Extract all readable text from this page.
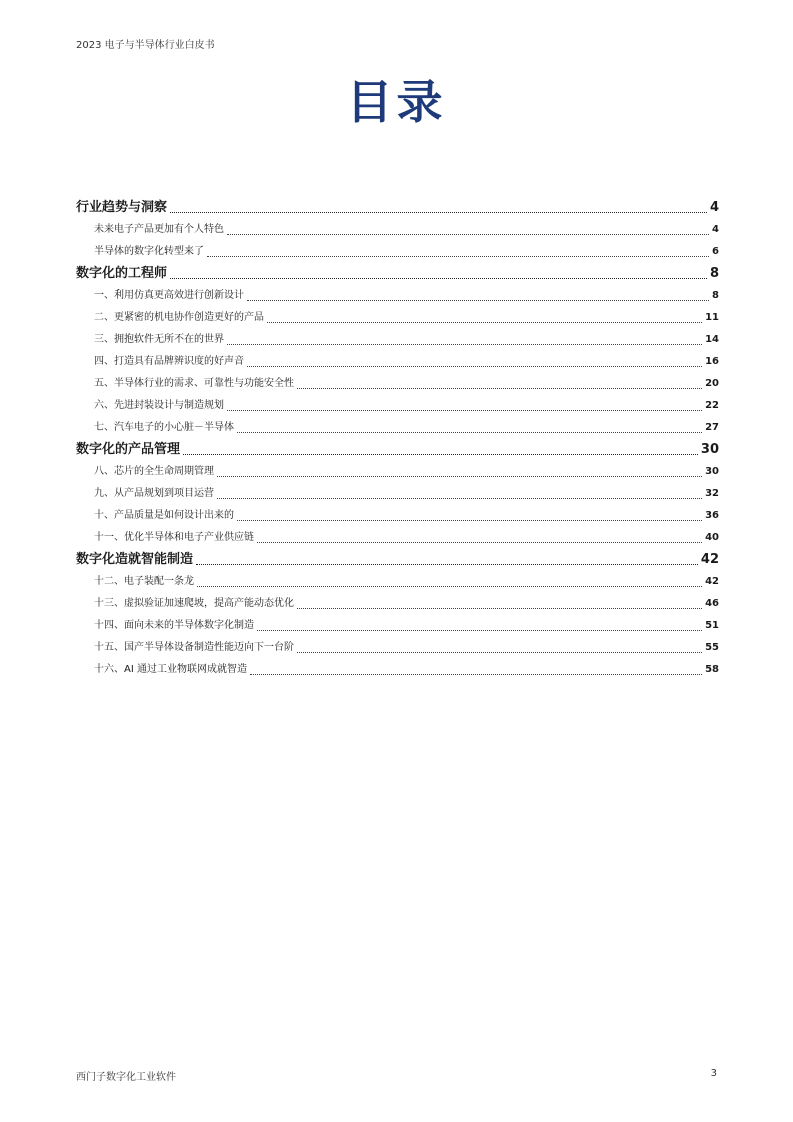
2023 电子与半导体行业白皮书
目录
行业趋势与洞察	4
未来电子产品更加有个人特色	4
半导体的数字化转型来了	6
数字化的工程师	8
一、利用仿真更高效进行创新设计	8
二、更紧密的机电协作创造更好的产品	11
三、拥抱软件无所不在的世界	14
四、打造具有品牌辨识度的好声音	16
五、半导体行业的需求、可靠性与功能安全性	20
六、先进封装设计与制造规划	22
七、汽车电子的小心脏－半导体	27
数字化的产品管理	30
八、芯片的全生命周期管理	30
九、从产品规划到项目运营	32
十、产品质量是如何设计出来的	36
十一、优化半导体和电子产业供应链	40
数字化造就智能制造	42
十二、电子装配一条龙	42
十三、虚拟验证加速爬坡，提高产能动态优化	46
十四、面向未来的半导体数字化制造	51
十五、国产半导体设备制造性能迈向下一台阶	55
十六、AI 通过工业物联网成就智造	58
西门子数字化工业软件	3
